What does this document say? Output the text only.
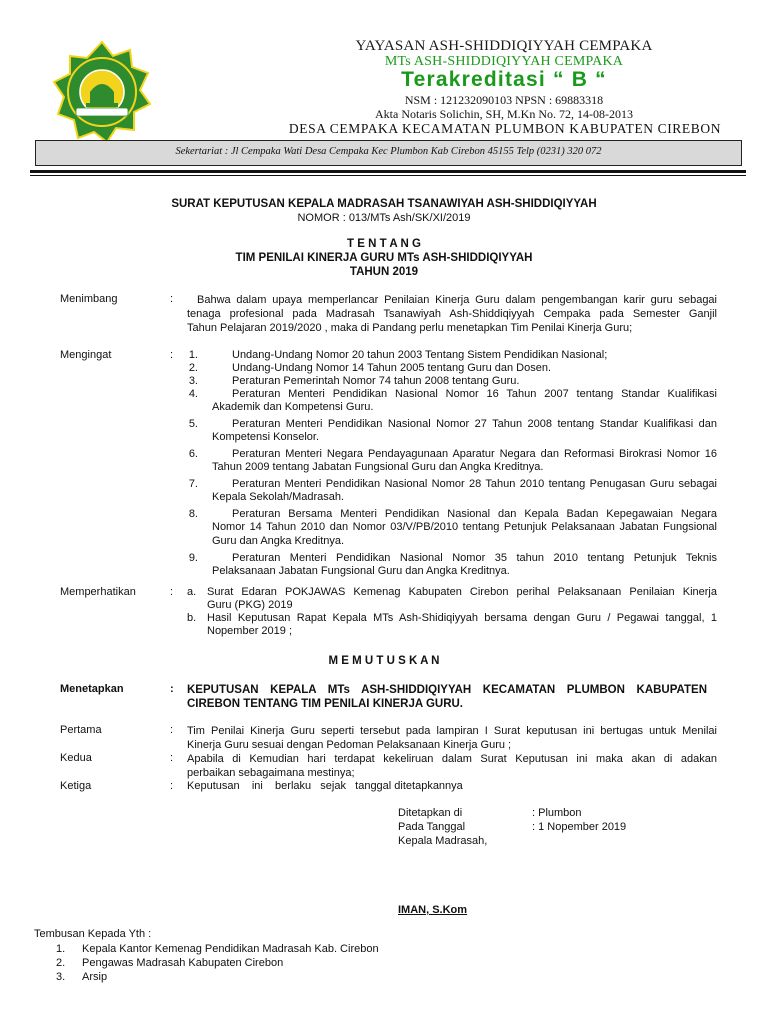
YAYASAN ASH-SHIDDIQIYYAH CEMPAKA
MTs ASH-SHIDDIQIYYAH CEMPAKA
Terakreditasi “ B “
NSM : 121232090103 NPSN : 69883318
Akta Notaris Solichin, SH, M.Kn No. 72, 14-08-2013
DESA CEMPAKA KECAMATAN PLUMBON KABUPATEN CIREBON
Sekertariat : Jl Cempaka Wati Desa Cempaka Kec Plumbon Kab Cirebon 45155 Telp (0231) 320 072
SURAT KEPUTUSAN KEPALA MADRASAH TSANAWIYAH ASH-SHIDDIQIYYAH
NOMOR : 013/MTs Ash/SK/XI/2019
T E N T A N G
TIM PENILAI KINERJA GURU MTs ASH-SHIDDIQIYYAH
TAHUN 2019
Menimbang	: Bahwa dalam upaya memperlancar Penilaian Kinerja Guru dalam pengembangan karir guru sebagai
tenaga profesional pada Madrasah Tsanawiyah Ash-Shiddiqiyyah Cempaka pada Semester Ganjil
Tahun Pelajaran 2019/2020 , maka di Pandang perlu menetapkan Tim Penilai Kinerja Guru;
Mengingat	:	1.	Undang-Undang Nomor 20 tahun 2003 Tentang Sistem Pendidikan Nasional;
2.	Undang-Undang Nomor 14 Tahun 2005 tentang Guru dan Dosen.
3.	Peraturan Pemerintah Nomor 74 tahun 2008 tentang Guru.
4.	Peraturan Menteri Pendidikan Nasional Nomor 16 Tahun 2007 tentang Standar Kualifikasi
Akademik dan Kompetensi Guru.
5.	Peraturan Menteri Pendidikan Nasional Nomor 27 Tahun 2008 tentang Standar Kualifikasi dan
Kompetensi Konselor.
6.	Peraturan Menteri Negara Pendayagunaan Aparatur Negara dan Reformasi Birokrasi Nomor 16
Tahun 2009 tentang Jabatan Fungsional Guru dan Angka Kreditnya.
7.	Peraturan Menteri Pendidikan Nasional Nomor 28 Tahun 2010 tentang Penugasan Guru sebagai
Kepala Sekolah/Madrasah.
8.	Peraturan Bersama Menteri Pendidikan Nasional dan Kepala Badan Kepegawaian Negara
Nomor 14 Tahun 2010 dan Nomor 03/V/PB/2010 tentang Petunjuk Pelaksanaan Jabatan Fungsional
Guru dan Angka Kreditnya.
9.	Peraturan Menteri Pendidikan Nasional Nomor 35 tahun 2010 tentang Petunjuk Teknis
Pelaksanaan Jabatan Fungsional Guru dan Angka Kreditnya.
Memperhatikan	: a. Surat Edaran POKJAWAS Kemenag Kabupaten Cirebon perihal Pelaksanaan Penilaian Kinerja
Guru (PKG) 2019
b. Hasil Keputusan Rapat Kepala MTs Ash-Shidiqiyyah bersama dengan Guru / Pegawai tanggal, 1
Nopember 2019 ;
M E M U T U S K A N
Menetapkan	: KEPUTUSAN KEPALA MTs ASH-SHIDDIQIYYAH KECAMATAN PLUMBON KABUPATEN
CIREBON TENTANG TIM PENILAI KINERJA GURU.
Pertama	: Tim Penilai Kinerja Guru seperti tersebut pada lampiran I Surat keputusan ini bertugas untuk Menilai
Kinerja Guru sesuai dengan Pedoman Pelaksanaan Kinerja Guru ;
Kedua	: Apabila di Kemudian hari terdapat kekeliruan dalam Surat Keputusan ini maka akan di adakan
perbaikan sebagaimana mestinya;
Ketiga	: Keputusan    ini    berlaku   sejak   tanggal ditetapkannya
Ditetapkan di	: Plumbon
Pada Tanggal	: 1 Nopember 2019
Kepala Madrasah,
IMAN, S.Kom
Tembusan Kepada Yth :
1.	Kepala Kantor Kemenag Pendidikan Madrasah Kab. Cirebon
2.	Pengawas Madrasah Kabupaten Cirebon
3.	Arsip
